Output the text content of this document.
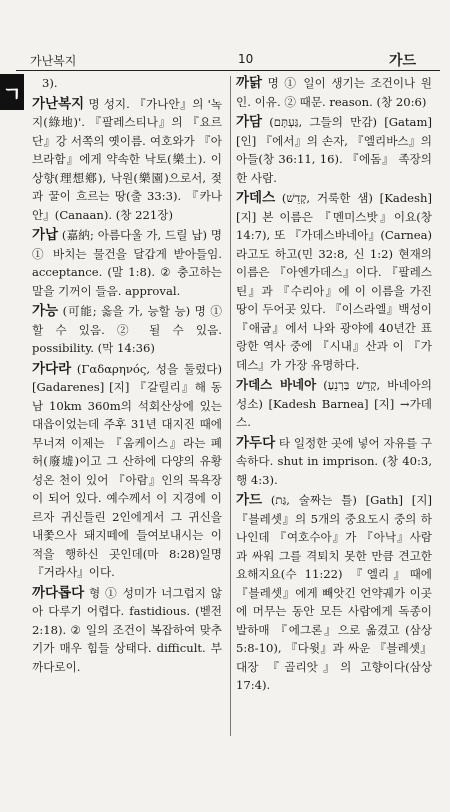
가난복지	10	가드
ㄱ 3).

가난복지 명 성지. 『가나안』의 '녹지(綠地)'. 『팔레스티나』의 『요르단』강 서쪽의 옛이름. 여호와가 『아브라함』에게 약속한 낙토(樂土). 이상향(理想鄕), 낙원(樂園)으로서, 젖과 꿀이 흐르는 땅(출 33:3). 『카나안』(Canaan). (창 221장)

가납 (嘉納; 아름다울 가, 드릴 납) 명 ① 바치는 물건을 달갑게 받아들임. acceptance. (말 1:8). ② 충고하는 말을 기꺼이 들음. approval.

가능 (可能; 옳을 가, 능할 능) 명 ① 할 수 있음. ② 될 수 있음. possibility. (막 14:36)

가다라 (Γαδαρηνός, 성을 둘렀다) [Gadarenes] [지] 『갈릴리』해 동남 10km 360m의 석회산상에 있는 대읍이었는데 주후 31년 대지진 때에 무너져 이제는 『움케이스』라는 폐허(廢墟)이고 그 산하에 다양의 유황성온 천이 있어 『아람』인의 목욕장이 되어 있다. 예수께서 이 지경에 이르자 귀신들린 2인에게서 그 귀신을 내쫓으사 돼지떼에 들여보내시는 이적을 행하신 곳인데(마 8:28)일명 『거라사』이다.

까다롭다 형 ① 성미가 너그럽지 않아 다루기 어렵다. fastidious. (벧전 2:18). ② 일의 조건이 복잡하여 맞추기가 매우 힘들 상태다. difficult. 부 까다로이.

까닭 명 ① 일이 생기는 조건이나 원인. 이유. ② 때문. reason. (창 20:6)

가담 (גַּעְתָּם, 그들의 만감) [Gatam] [인] 『에서』의 손자, 『엘리바스』의 아들(창 36:11, 16). 『에돔』 족장의 한 사람.

가데스 (קָדֵשׁ, 거룩한 샘) [Kadesh] [지] 본 이름은 『멘미스밧』이요(창 14:7), 또 『가데스바네아』(Carnea)라고도 하고(민 32:8, 신 1:2) 현재의 이름은 『아엔가데스』이다. 『팔레스틴』과 『수리아』에 이 이름을 가진 땅이 두어곳 있다. 『이스라엘』백성이 『애굽』에서 나와 광야에 40년간 표랑한 역사 중에 『시내』산과 이 『가데스』가 가장 유명하다.

가데스 바네아 (קָדֵשׁ בַּרְנֵעַ, 바네아의 성소) [Kadesh Barnea] [지] →가데스.

가두다 타 일정한 곳에 넣어 자유를 구속하다. shut in imprison. (창 40:3, 행 4:3).

가드 (גַּת, 술짜는 틀) [Gath] [지] 『블레셋』의 5개의 중요도시 중의 하나인데 『여호수아』가 『아낙』사람과 싸워 그를 격퇴치 못한 만큼 견고한 요해지요(수 11:22) 『엘리』때에 『블레셋』에게 빼앗긴 언약궤가 이곳에 머무는 동안 모든 사람에게 독종이 발하매 『에그론』으로 옮겼고 (삼상 5:8-10), 『다윗』과 싸운 『블레셋』대장 『골리앗』의 고향이다(삼상 17:4).
